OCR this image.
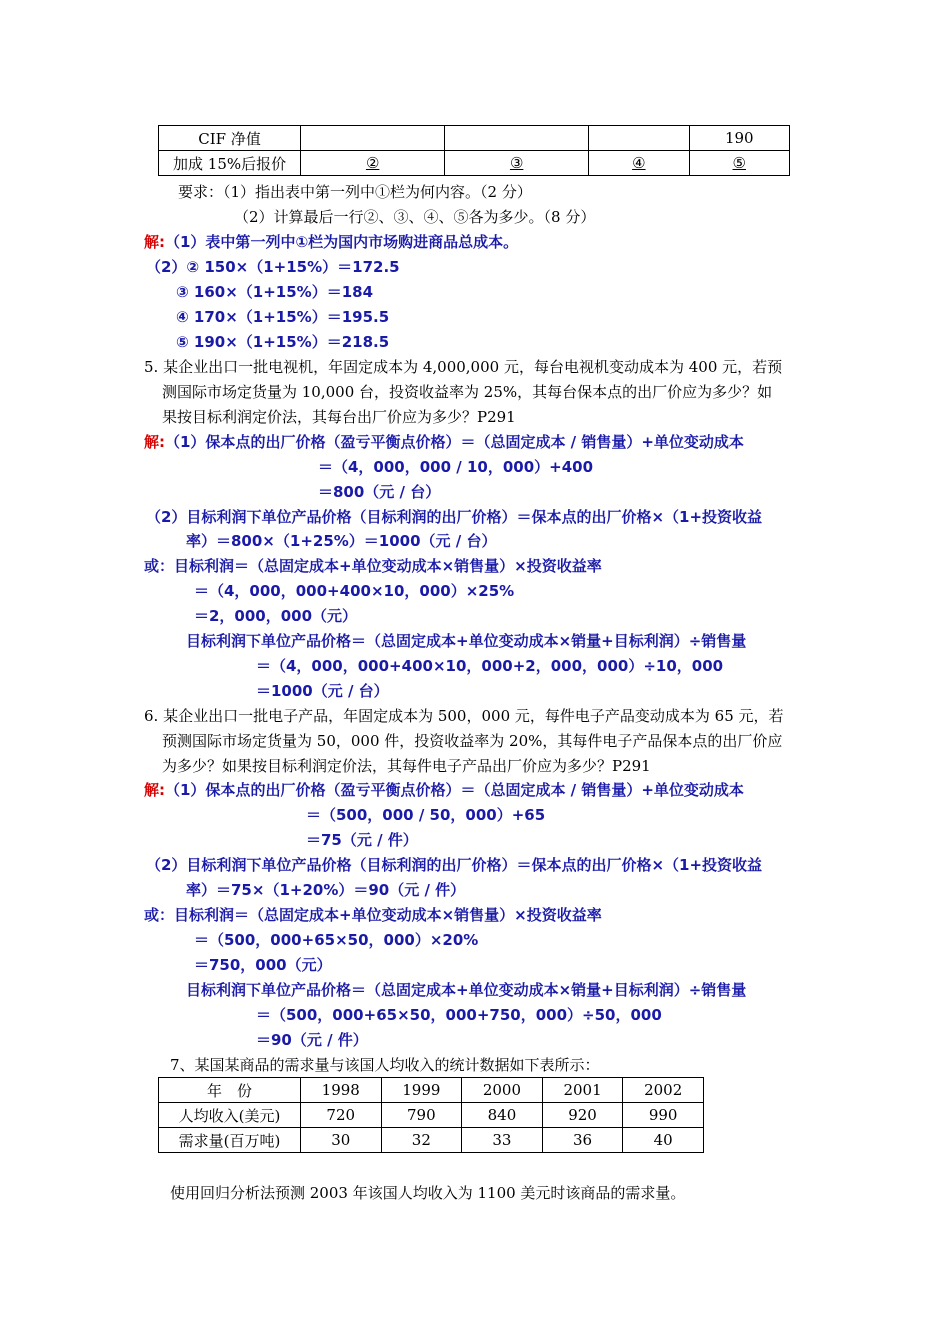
CIF 净值				190
加成 15%后报价	②	③	④	⑤
要求：（1）指出表中第一列中①栏为何内容。（2 分）
（2）计算最后一行②、③、④、⑤各为多少。（8 分）
解:（1）表中第一列中①栏为国内市场购进商品总成本。
（2）② 150×（1+15%）＝172.5
③ 160×（1+15%）＝184
④ 170×（1+15%）＝195.5
⑤ 190×（1+15%）＝218.5
5. 某企业出口一批电视机，年固定成本为 4,000,000 元，每台电视机变动成本为 400 元，若预
测国际市场定货量为 10,000 台，投资收益率为 25%，其每台保本点的出厂价应为多少？如
果按目标利润定价法，其每台出厂价应为多少？P291
解:（1）保本点的出厂价格（盈亏平衡点价格）＝（总固定成本 / 销售量）+单位变动成本
＝（4，000，000 / 10，000）+400
＝800（元 / 台）
（2）目标利润下单位产品价格（目标利润的出厂价格）＝保本点的出厂价格×（1+投资收益
率）＝800×（1+25%）＝1000（元 / 台）
或：目标利润＝（总固定成本+单位变动成本×销售量）×投资收益率
＝（4，000，000+400×10，000）×25%
＝2，000，000（元）
目标利润下单位产品价格＝（总固定成本+单位变动成本×销量+目标利润）÷销售量
＝（4，000，000+400×10，000+2，000，000）÷10，000
＝1000（元 / 台）
6. 某企业出口一批电子产品，年固定成本为 500，000 元，每件电子产品变动成本为 65 元，若
预测国际市场定货量为 50，000 件，投资收益率为 20%，其每件电子产品保本点的出厂价应
为多少？如果按目标利润定价法，其每件电子产品出厂价应为多少？P291
解:（1）保本点的出厂价格（盈亏平衡点价格）＝（总固定成本 / 销售量）+单位变动成本
＝（500，000 / 50，000）+65
＝75（元 / 件）
（2）目标利润下单位产品价格（目标利润的出厂价格）＝保本点的出厂价格×（1+投资收益
率）＝75×（1+20%）＝90（元 / 件）
或：目标利润＝（总固定成本+单位变动成本×销售量）×投资收益率
＝（500，000+65×50，000）×20%
＝750，000（元）
目标利润下单位产品价格＝（总固定成本+单位变动成本×销量+目标利润）÷销售量
＝（500，000+65×50，000+750，000）÷50，000
＝90（元 / 件）
7、某国某商品的需求量与该国人均收入的统计数据如下表所示：
年　份	1998	1999	2000	2001	2002
人均收入(美元)	720	790	840	920	990
需求量(百万吨)	30	32	33	36	40
使用回归分析法预测 2003 年该国人均收入为 1100 美元时该商品的需求量。
